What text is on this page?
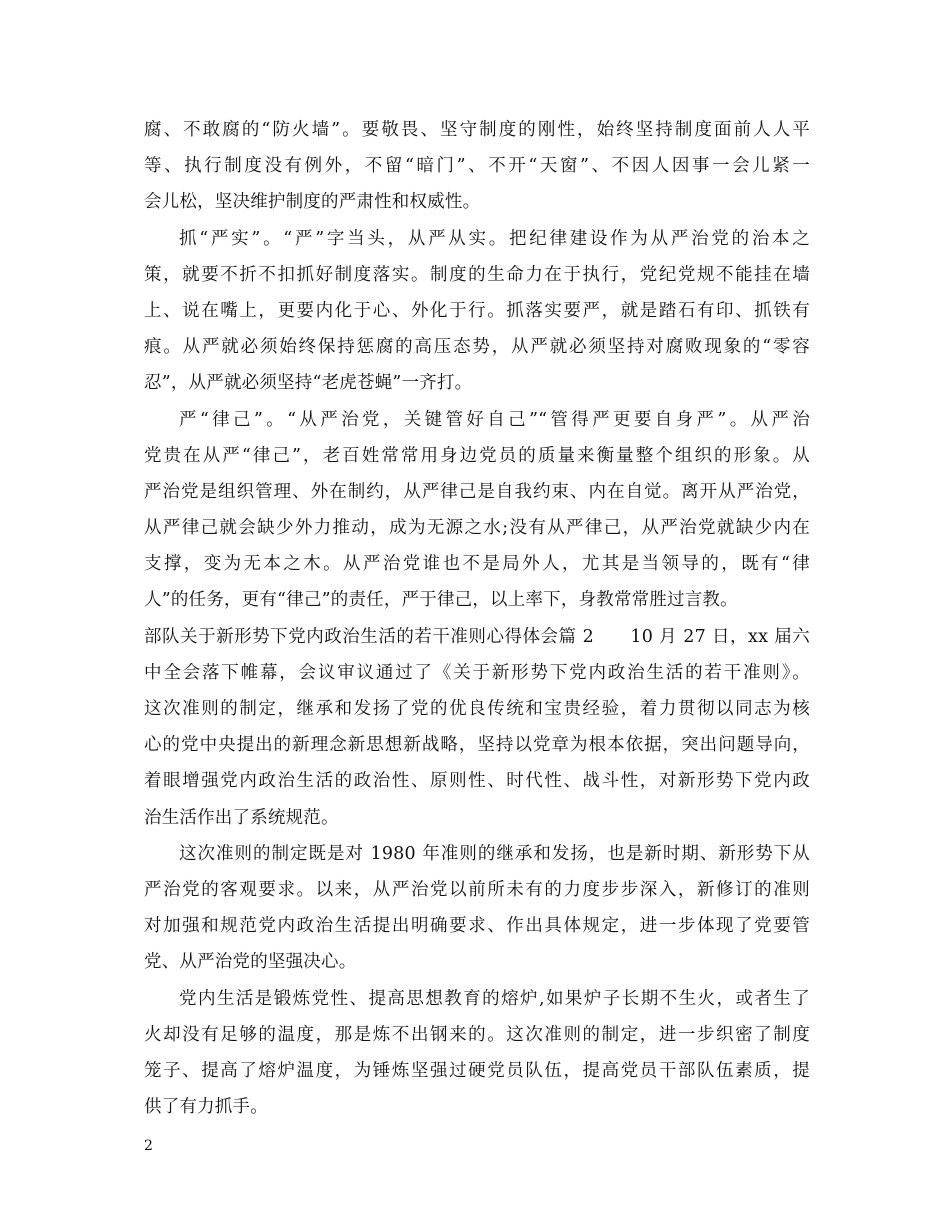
腐、不敢腐的“防火墙”。要敬畏、坚守制度的刚性，始终坚持制度面前人人平
等、执行制度没有例外，不留“暗门”、不开“天窗”、不因人因事一会儿紧一
会儿松，坚决维护制度的严肃性和权威性。
抓“严实”。“严”字当头，从严从实。把纪律建设作为从严治党的治本之
策，就要不折不扣抓好制度落实。制度的生命力在于执行，党纪党规不能挂在墙
上、说在嘴上，更要内化于心、外化于行。抓落实要严，就是踏石有印、抓铁有
痕。从严就必须始终保持惩腐的高压态势，从严就必须坚持对腐败现象的“零容
忍”，从严就必须坚持“老虎苍蝇”一齐打。
严“律己”。“从严治党，关键管好自己”“管得严更要自身严”。从严治
党贵在从严“律己”，老百姓常常用身边党员的质量来衡量整个组织的形象。从
严治党是组织管理、外在制约，从严律己是自我约束、内在自觉。离开从严治党，
从严律己就会缺少外力推动，成为无源之水;没有从严律己，从严治党就缺少内在
支撑，变为无本之木。从严治党谁也不是局外人，尤其是当领导的，既有“律
人”的任务，更有“律己”的责任，严于律己，以上率下，身教常常胜过言教。
部队关于新形势下党内政治生活的若干准则心得体会篇 2　　10 月 27 日，xx 届六
中全会落下帷幕，会议审议通过了《关于新形势下党内政治生活的若干准则》。
这次准则的制定，继承和发扬了党的优良传统和宝贵经验，着力贯彻以同志为核
心的党中央提出的新理念新思想新战略，坚持以党章为根本依据，突出问题导向，
着眼增强党内政治生活的政治性、原则性、时代性、战斗性，对新形势下党内政
治生活作出了系统规范。
这次准则的制定既是对 1980 年准则的继承和发扬，也是新时期、新形势下从
严治党的客观要求。以来，从严治党以前所未有的力度步步深入，新修订的准则
对加强和规范党内政治生活提出明确要求、作出具体规定，进一步体现了党要管
党、从严治党的坚强决心。
党内生活是锻炼党性、提高思想教育的熔炉,如果炉子长期不生火，或者生了
火却没有足够的温度，那是炼不出钢来的。这次准则的制定，进一步织密了制度
笼子、提高了熔炉温度，为锤炼坚强过硬党员队伍，提高党员干部队伍素质，提
供了有力抓手。
2
